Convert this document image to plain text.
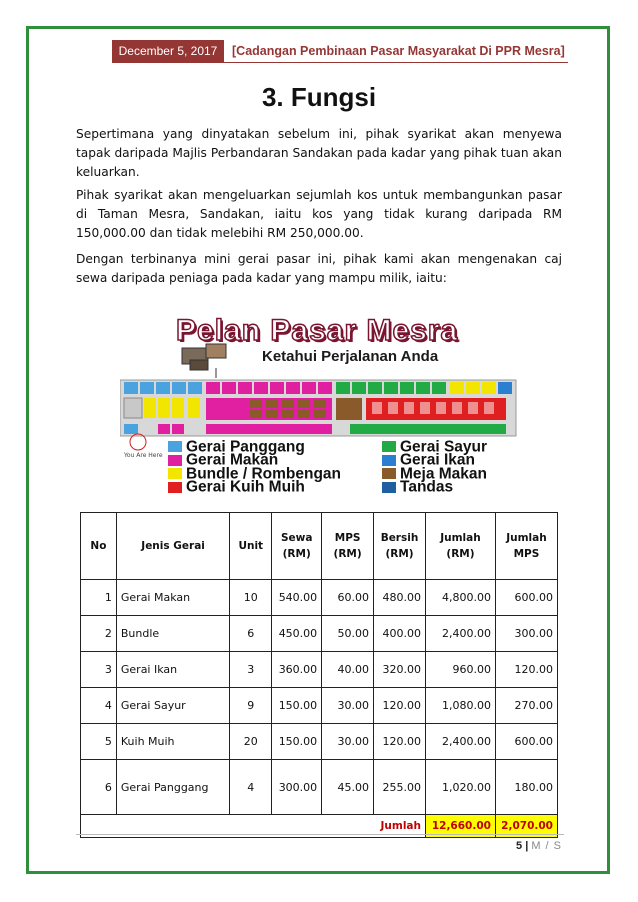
December 5, 2017	[Cadangan Pembinaan Pasar Masyarakat Di PPR Mesra]
3. Fungsi

Sepertimana yang dinyatakan sebelum ini, pihak syarikat akan menyewa tapak daripada Majlis Perbandaran Sandakan pada kadar yang pihak tuan akan keluarkan.

Pihak syarikat akan mengeluarkan sejumlah kos untuk membangunkan pasar di Taman Mesra, Sandakan, iaitu kos yang tidak kurang daripada RM 150,000.00 dan tidak melebihi RM 250,000.00.

Dengan terbinanya mini gerai pasar ini, pihak kami akan mengenakan caj sewa daripada peniaga pada kadar yang mampu milik, iaitu:

Pelan Pasar Mesra
Ketahui Perjalanan Anda
You Are Here
Gerai Panggang
Gerai Makan
Bundle / Rombengan
Gerai Kuih Muih
Gerai Sayur
Gerai Ikan
Meja Makan
Tandas
No	Jenis Gerai	Unit	Sewa (RM)	MPS (RM)	Bersih (RM)	Jumlah (RM)	Jumlah MPS
1	Gerai Makan	10	540.00	60.00	480.00	4,800.00	600.00
2	Bundle	6	450.00	50.00	400.00	2,400.00	300.00
3	Gerai Ikan	3	360.00	40.00	320.00	960.00	120.00
4	Gerai Sayur	9	150.00	30.00	120.00	1,080.00	270.00
5	Kuih Muih	20	150.00	30.00	120.00	2,400.00	600.00
6	Gerai Panggang	4	300.00	45.00	255.00	1,020.00	180.00
Jumlah						12,660.00	2,070.00
5 | M / S
